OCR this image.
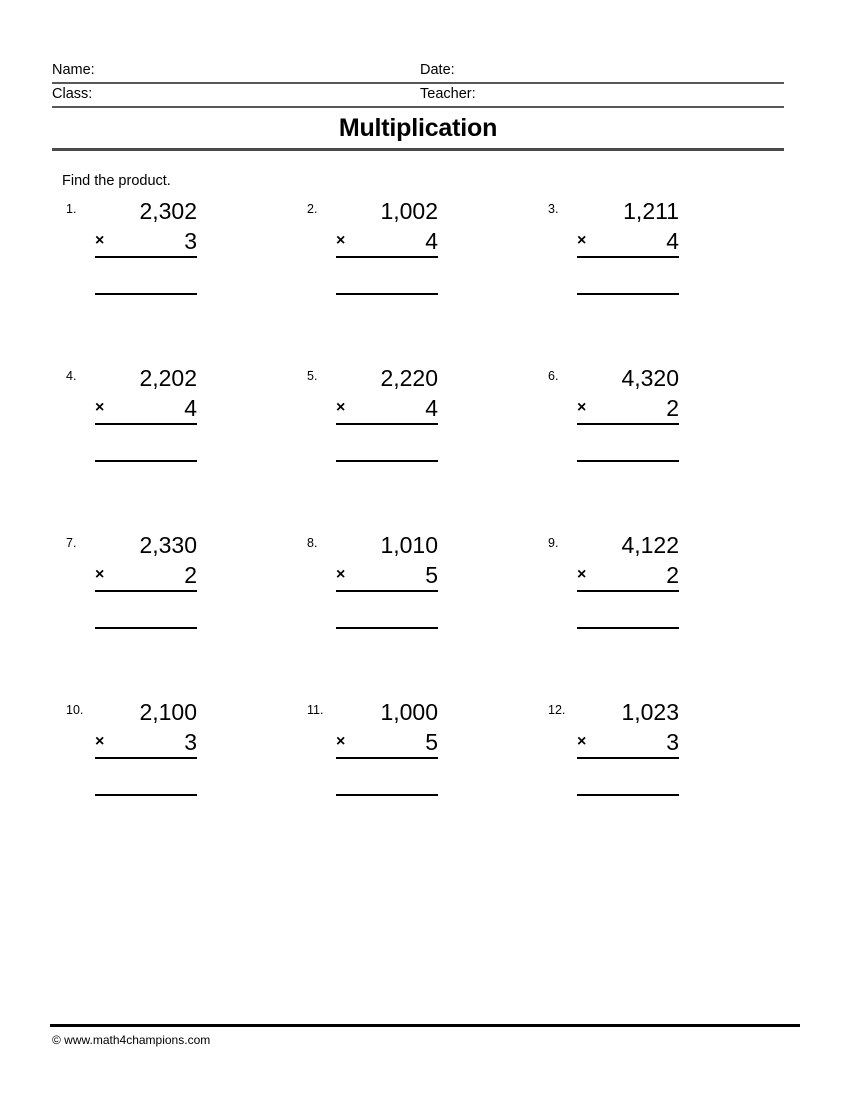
Name:	Date:
Class:	Teacher:
Multiplication
Find the product.
1.	2,302
×	3
2.	1,002
×	4
3.	1,211
×	4
4.	2,202
×	4
5.	2,220
×	4
6.	4,320
×	2
7.	2,330
×	2
8.	1,010
×	5
9.	4,122
×	2
10.	2,100
×	3
11.	1,000
×	5
12.	1,023
×	3
© www.math4champions.com
